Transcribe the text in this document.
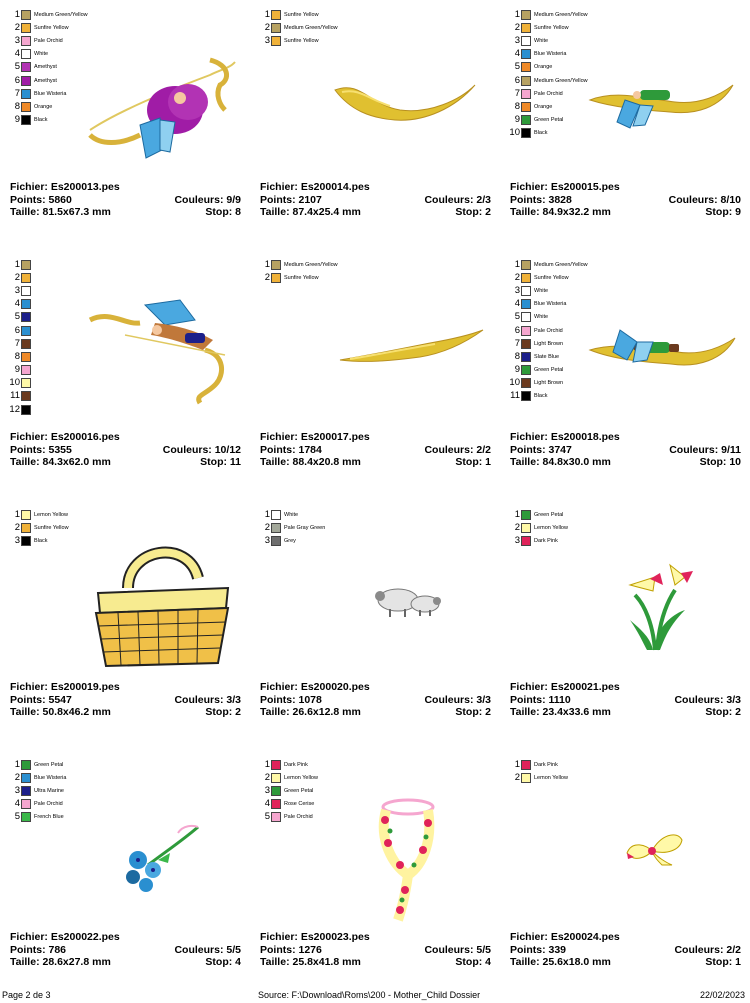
1	Medium Green/Yellow
2	Sunfire Yellow
3	Pale Orchid
4	White
5	Amethyst
6	Amethyst
7	Blue Wisteria
8	Orange
9	Black
Fichier: Es200013.pes
Points: 5860	Couleurs: 9/9
Taille: 81.5x67.3 mm	Stop: 8
1	Sunfire Yellow
2	Medium Green/Yellow
3	Sunfire Yellow
Fichier: Es200014.pes
Points: 2107	Couleurs: 2/3
Taille: 87.4x25.4 mm	Stop: 2
1	Medium Green/Yellow
2	Sunfire Yellow
3	White
4	Blue Wisteria
5	Orange
6	Medium Green/Yellow
7	Pale Orchid
8	Orange
9	Green Petal
10	Black
Fichier: Es200015.pes
Points: 3828	Couleurs: 8/10
Taille: 84.9x32.2 mm	Stop: 9
1
2
3
4
5
6
7
8
9
10
11
12
Fichier: Es200016.pes
Points: 5355	Couleurs: 10/12
Taille: 84.3x62.0 mm	Stop: 11
1	Medium Green/Yellow
2	Sunfire Yellow
Fichier: Es200017.pes
Points: 1784	Couleurs: 2/2
Taille: 88.4x20.8 mm	Stop: 1
1	Medium Green/Yellow
2	Sunfire Yellow
3	White
4	Blue Wisteria
5	White
6	Pale Orchid
7	Light Brown
8	Slate Blue
9	Green Petal
10	Light Brown
11	Black
Fichier: Es200018.pes
Points: 3747	Couleurs: 9/11
Taille: 84.8x30.0 mm	Stop: 10
1	Lemon Yellow
2	Sunfire Yellow
3	Black
Fichier: Es200019.pes
Points: 5547	Couleurs: 3/3
Taille: 50.8x46.2 mm	Stop: 2
1	White
2	Pale Gray Green
3	Grey
Fichier: Es200020.pes
Points: 1078	Couleurs: 3/3
Taille: 26.6x12.8 mm	Stop: 2
1	Green Petal
2	Lemon Yellow
3	Dark Pink
Fichier: Es200021.pes
Points: 1110	Couleurs: 3/3
Taille: 23.4x33.6 mm	Stop: 2
1	Green Petal
2	Blue Wisteria
3	Ultra Marine
4	Pale Orchid
5	French Blue
Fichier: Es200022.pes
Points: 786	Couleurs: 5/5
Taille: 28.6x27.8 mm	Stop: 4
1	Dark Pink
2	Lemon Yellow
3	Green Petal
4	Rose Cerise
5	Pale Orchid
Fichier: Es200023.pes
Points: 1276	Couleurs: 5/5
Taille: 25.8x41.8 mm	Stop: 4
1	Dark Pink
2	Lemon Yellow
Fichier: Es200024.pes
Points: 339	Couleurs: 2/2
Taille: 25.6x18.0 mm	Stop: 1
Page 2 de 3	Source: F:\Download\Roms\200 - Mother_Child Dossier	22/02/2023
